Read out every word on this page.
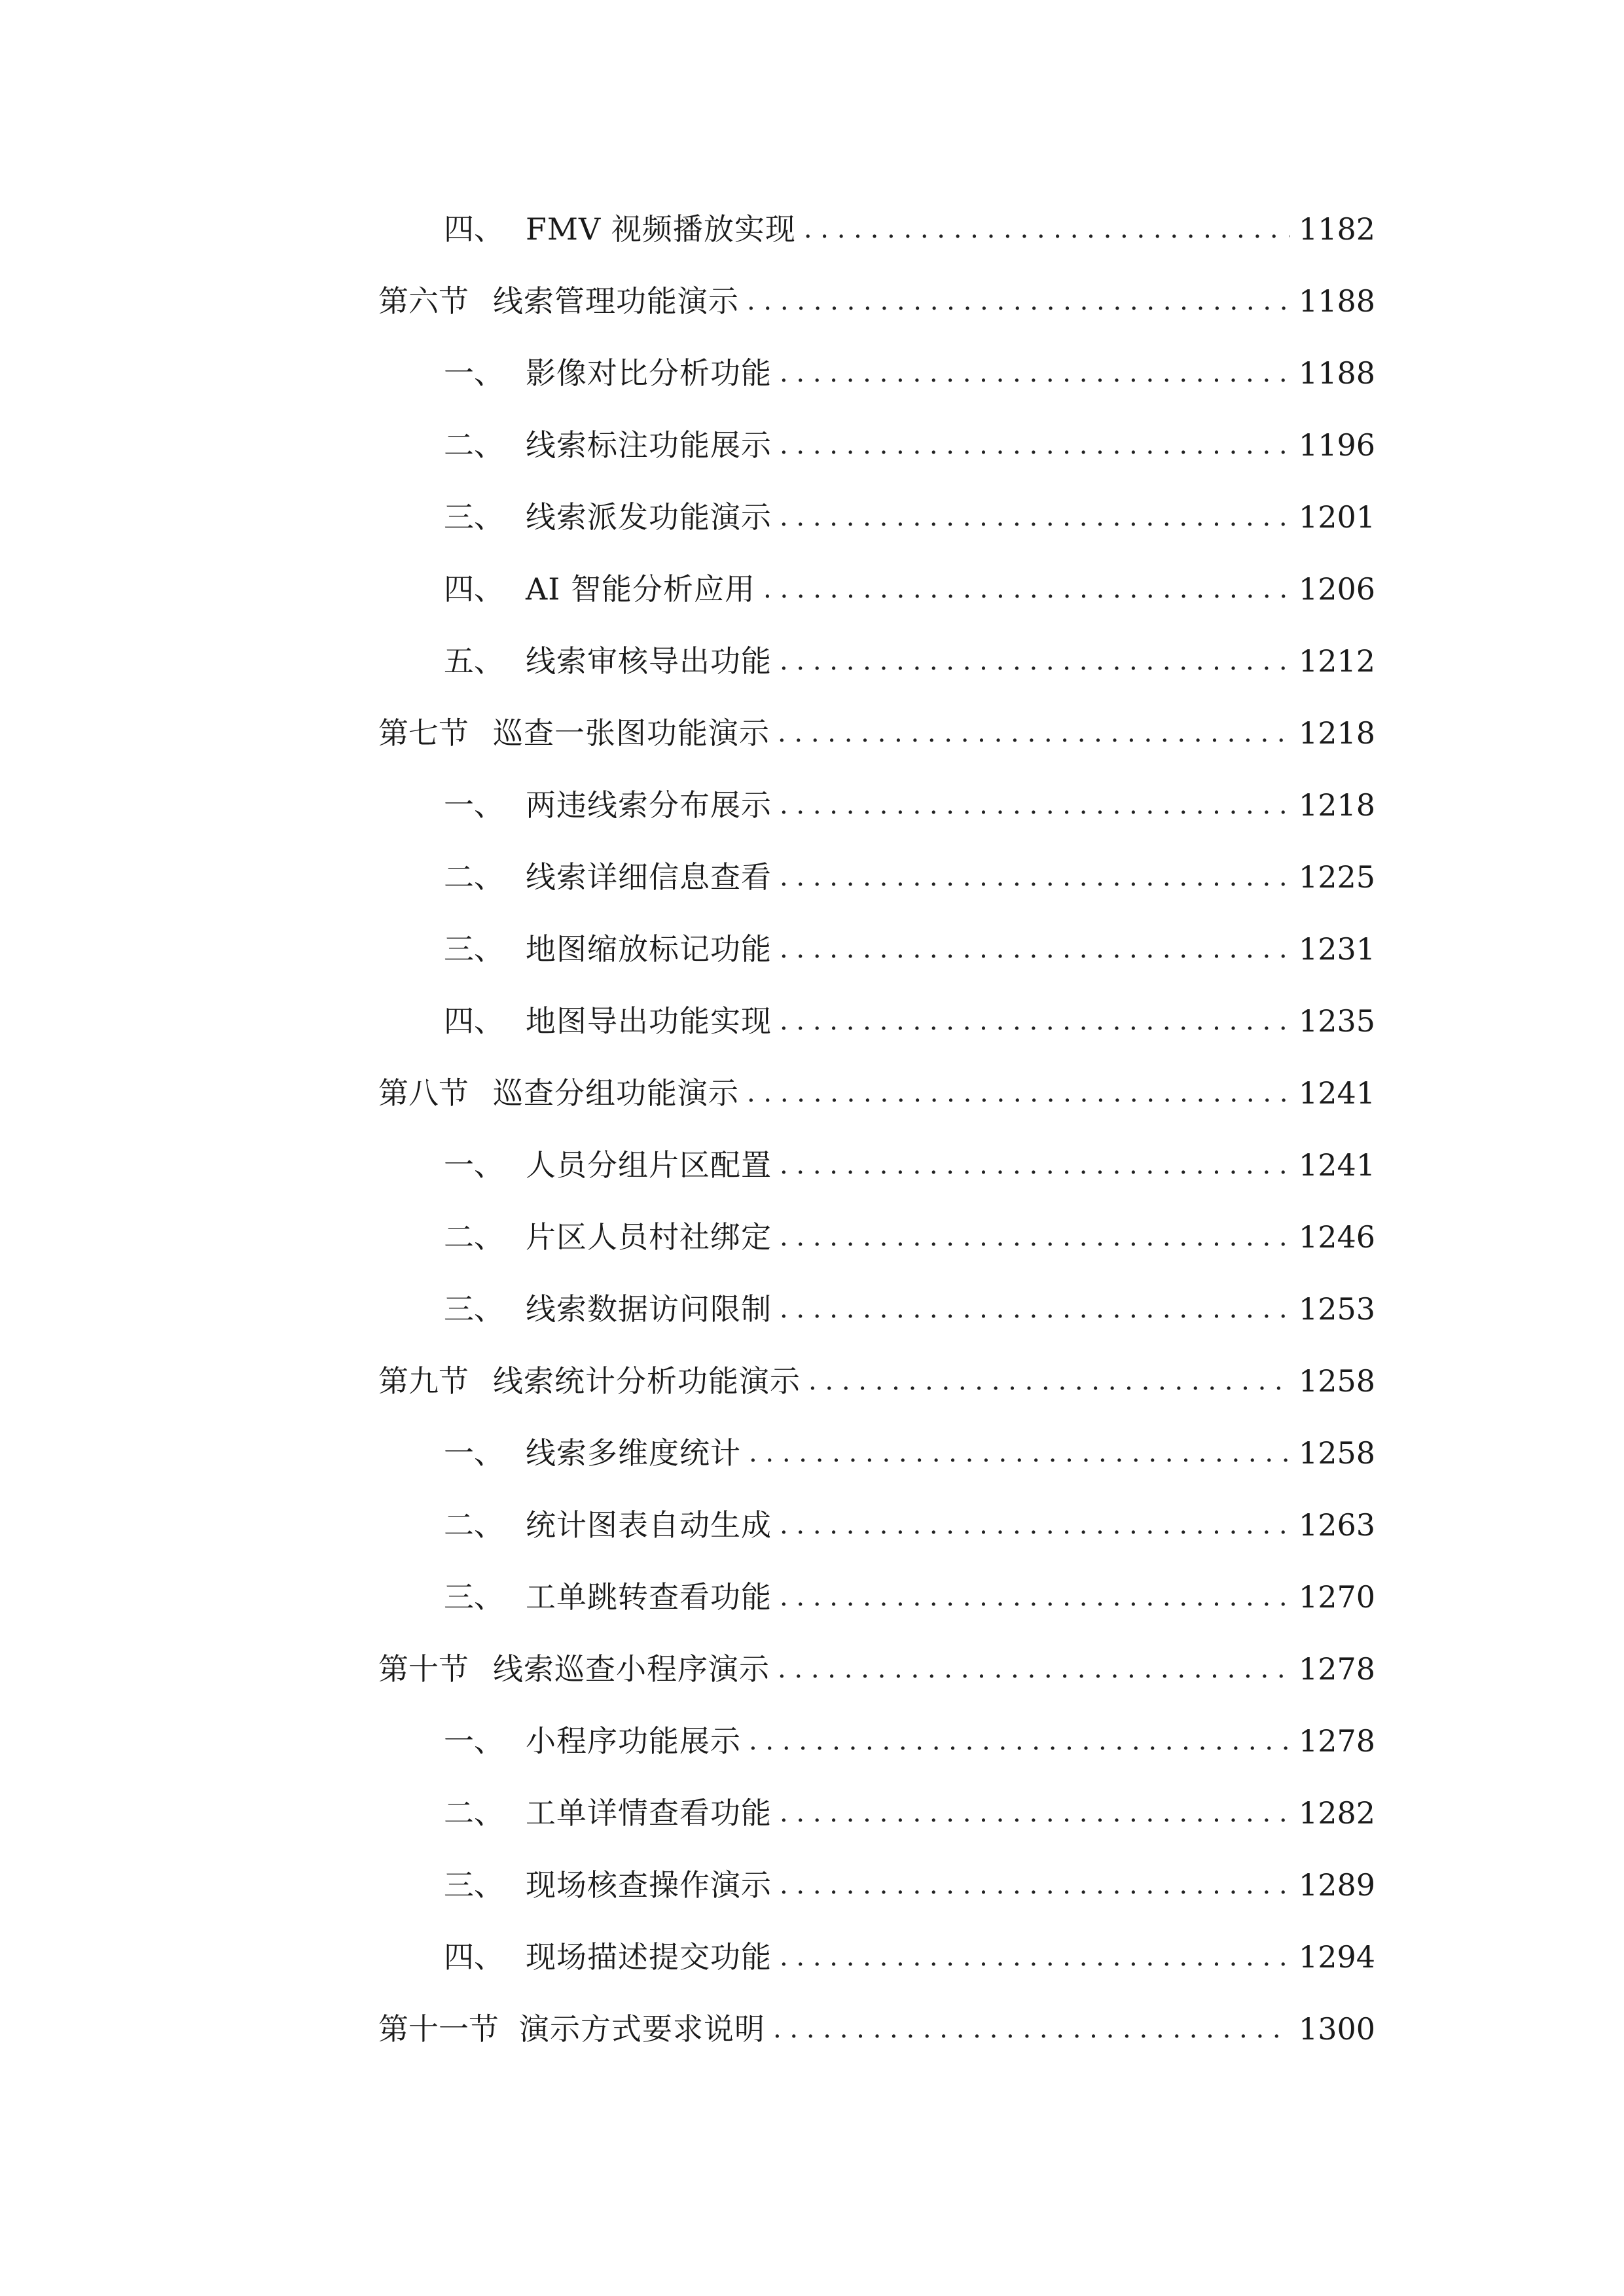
四、 FMV 视频播放实现 . . .	1182
第六节 线索管理功能演示 . . .	1188
一、 影像对比分析功能 . . .	1188
二、 线索标注功能展示 . . .	1196
三、 线索派发功能演示 . . .	1201
四、 AI 智能分析应用 . . .	1206
五、 线索审核导出功能 . . .	1212
第七节 巡查一张图功能演示 . . .	1218
一、 两违线索分布展示 . . .	1218
二、 线索详细信息查看 . . .	1225
三、 地图缩放标记功能 . . .	1231
四、 地图导出功能实现 . . .	1235
第八节 巡查分组功能演示 . . .	1241
一、 人员分组片区配置 . . .	1241
二、 片区人员村社绑定 . . .	1246
三、 线索数据访问限制 . . .	1253
第九节 线索统计分析功能演示 . . .	1258
一、 线索多维度统计 . . .	1258
二、 统计图表自动生成 . . .	1263
三、 工单跳转查看功能 . . .	1270
第十节 线索巡查小程序演示 . . .	1278
一、 小程序功能展示 . . .	1278
二、 工单详情查看功能 . . .	1282
三、 现场核查操作演示 . . .	1289
四、 现场描述提交功能 . . .	1294
第十一节 演示方式要求说明 . . .	1300
